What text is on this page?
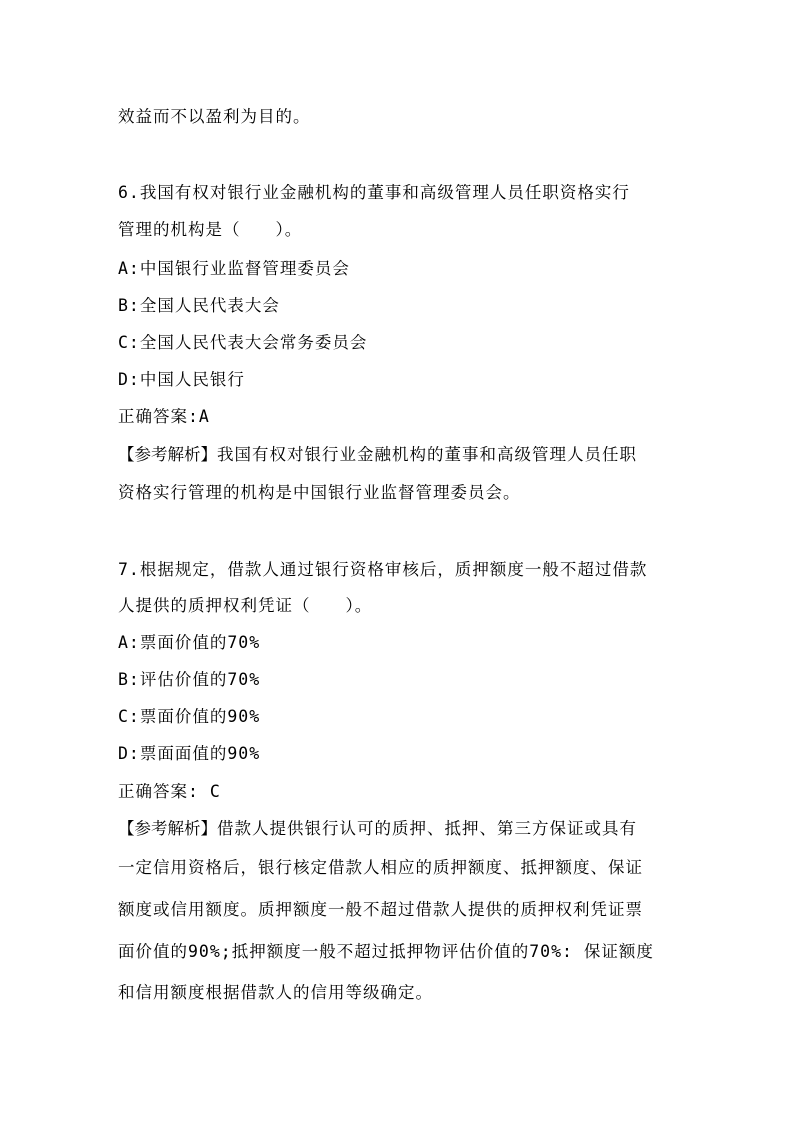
效益而不以盈利为目的。
6.我国有权对银行业金融机构的董事和高级管理人员任职资格实行
管理的机构是（　　）。
A:中国银行业监督管理委员会
B:全国人民代表大会
C:全国人民代表大会常务委员会
D:中国人民银行
正确答案:A
【参考解析】我国有权对银行业金融机构的董事和高级管理人员任职
资格实行管理的机构是中国银行业监督管理委员会。
7.根据规定，借款人通过银行资格审核后，质押额度一般不超过借款
人提供的质押权利凭证（　　）。
A:票面价值的70%
B:评估价值的70%
C:票面价值的90%
D:票面面值的90%
正确答案: C
【参考解析】借款人提供银行认可的质押、抵押、第三方保证或具有
一定信用资格后，银行核定借款人相应的质押额度、抵押额度、保证
额度或信用额度。质押额度一般不超过借款人提供的质押权利凭证票
面价值的90%;抵押额度一般不超过抵押物评估价值的70%: 保证额度
和信用额度根据借款人的信用等级确定。
